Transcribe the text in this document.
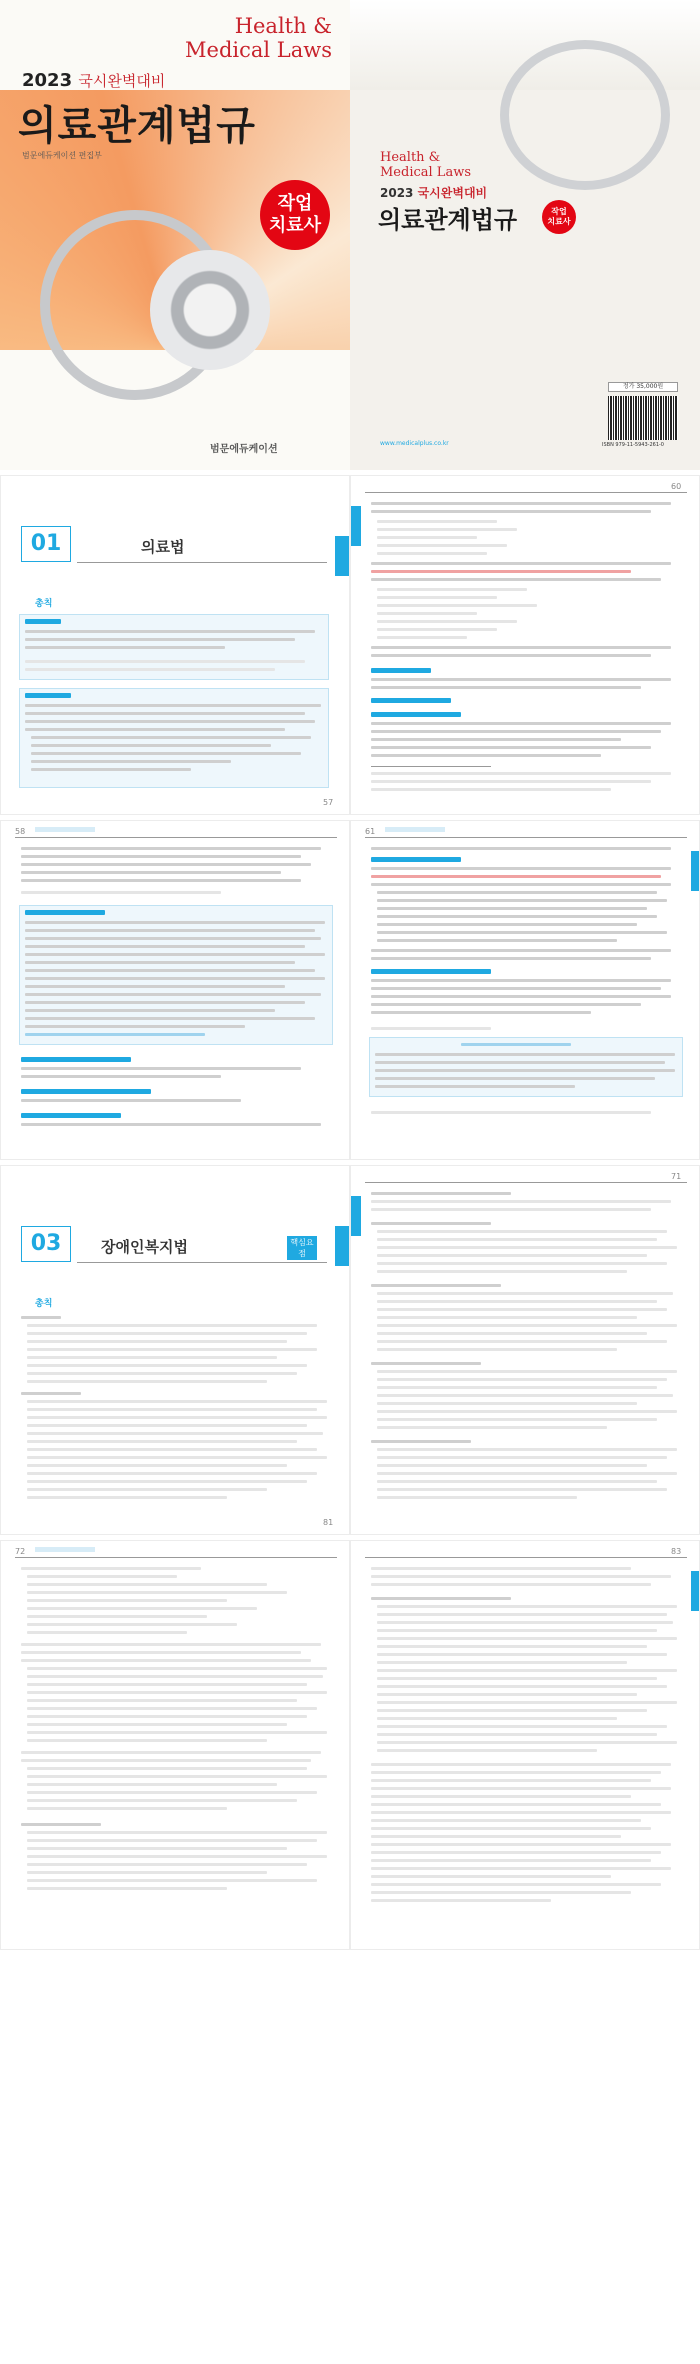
Health &
Medical Laws
2023 국시완벽대비
의료관계법규
범문에듀케이션 편집부
작업
치료사
범문에듀케이션
Health &
Medical Laws
2023 국시완벽대비
의료관계법규	작업
치료사
정가 35,000원
ISBN 979-11-5943-261-0
www.medicalplus.co.kr
01	의료법
총칙
57
60
58	61
03	장애인복지법	핵심요점
총칙
81
71
72	83
